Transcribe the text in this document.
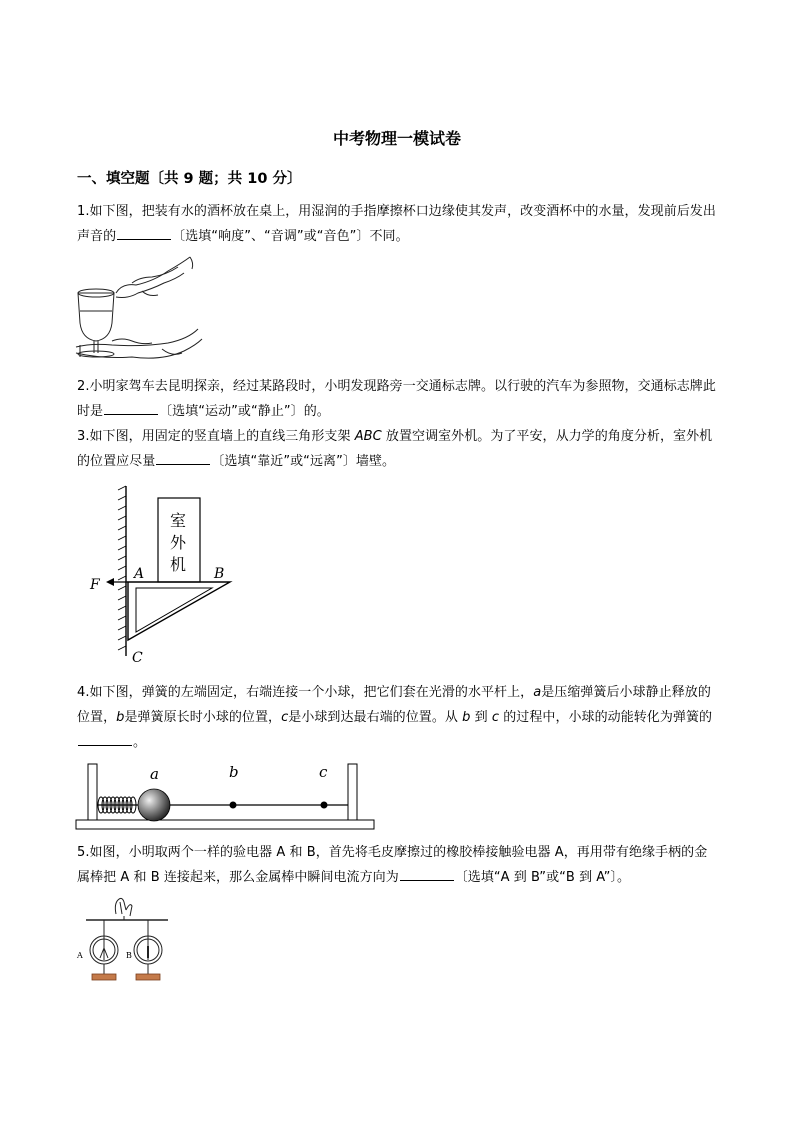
中考物理一模试卷
一、填空题〔共 9 题；共 10 分〕
1.如下图，把装有水的酒杯放在桌上，用湿润的手指摩擦杯口边缘使其发声，改变酒杯中的水量，发现前后发出声音的	〔选填“响度”、“音调”或“音色”〕不同。
2.小明家驾车去昆明探亲，经过某路段时，小明发现路旁一交通标志牌。以行驶的汽车为参照物，交通标志牌此时是	〔选填“运动”或“静止”〕的。
3.如下图，用固定的竖直墙上的直线三角形支架 ABC 放置空调室外机。为了平安，从力学的角度分析，室外机的位置应尽量	〔选填“靠近”或“远离”〕墙壁。
室
外
机
F
A	B
C
4.如下图，弹簧的左端固定，右端连接一个小球，把它们套在光滑的水平杆上，a是压缩弹簧后小球静止释放的位置，b是弹簧原长时小球的位置，c是小球到达最右端的位置。从 b 到 c 的过程中，小球的动能转化为弹簧的。
a	b	c
5.如图，小明取两个一样的验电器 A 和 B，首先将毛皮摩擦过的橡胶棒接触验电器 A，再用带有绝缘手柄的金属棒把 A 和 B 连接起来，那么金属棒中瞬间电流方向为	〔选填“A 到 B”或“B 到 A”〕。
A	B
